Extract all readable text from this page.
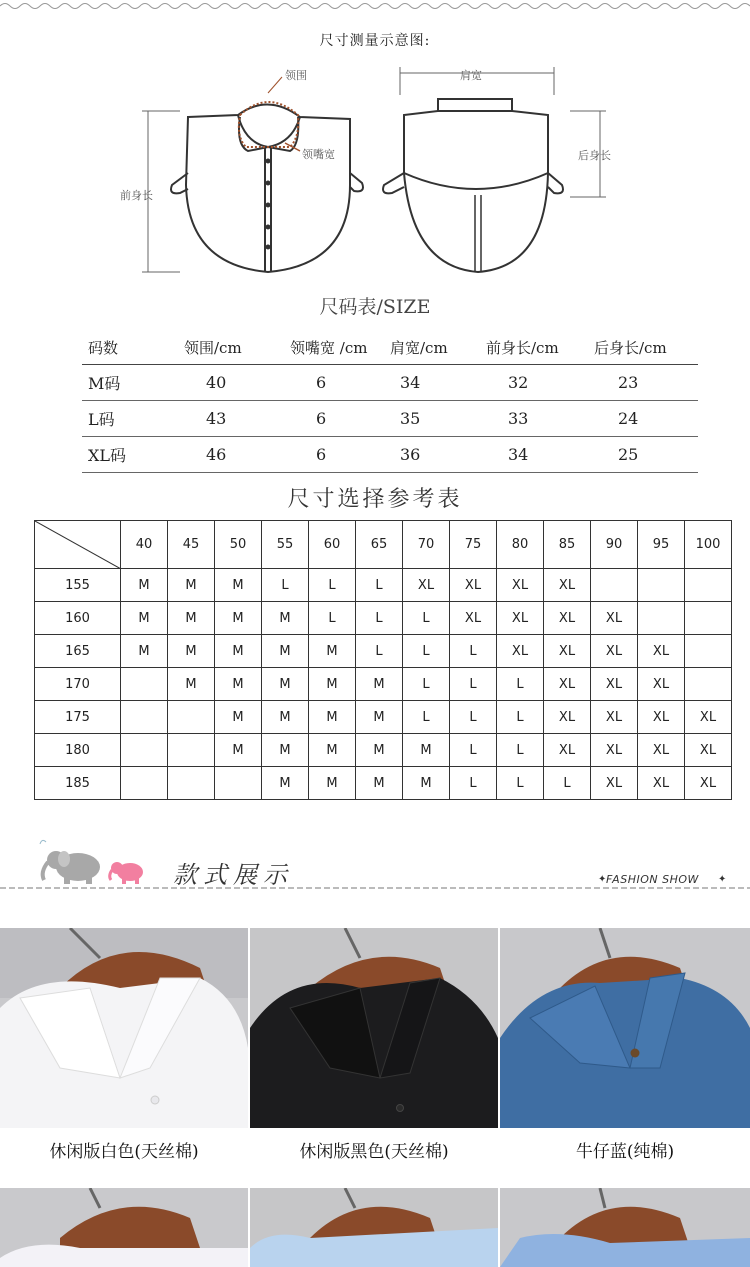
尺寸测量示意图:
领围
领嘴宽
前身长
肩宽
后身长
尺码表/SIZE
码数	领围/cm	领嘴宽 /cm	肩宽/cm	前身长/cm	后身长/cm
M码	40	6	34	32	23
L码	43	6	35	33	24
XL码	46	6	36	34	25
尺寸选择参考表
	40	45	50	55	60	65	70	75	80	85	90	95	100
155	M	M	M	L	L	L	XL	XL	XL	XL			
160	M	M	M	M	L	L	L	XL	XL	XL	XL		
165	M	M	M	M	M	L	L	L	XL	XL	XL	XL	
170		M	M	M	M	M	L	L	L	XL	XL	XL	
175			M	M	M	M	L	L	L	XL	XL	XL	XL
180			M	M	M	M	M	L	L	XL	XL	XL	XL
185				M	M	M	M	L	L	L	XL	XL	XL
✦	✦
款式展示	FASHION SHOW
休闲版白色(天丝棉)	休闲版黑色(天丝棉)	牛仔蓝(纯棉)
